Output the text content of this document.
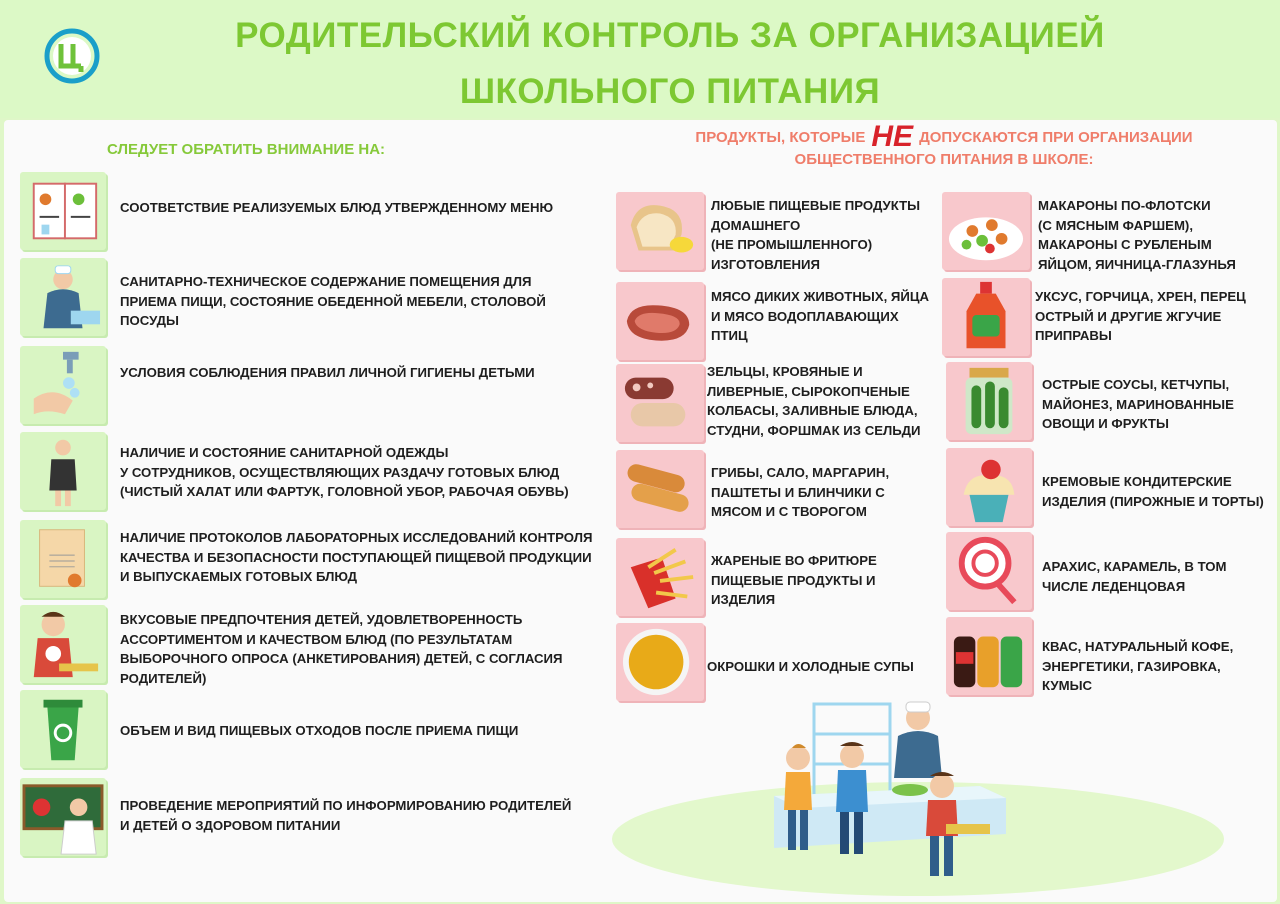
РОДИТЕЛЬСКИЙ КОНТРОЛЬ ЗА ОРГАНИЗАЦИЕЙ
ШКОЛЬНОГО ПИТАНИЯ
СЛЕДУЕТ ОБРАТИТЬ ВНИМАНИЕ НА:
ПРОДУКТЫ, КОТОРЫЕ НЕ ДОПУСКАЮТСЯ ПРИ ОРГАНИЗАЦИИ
ОБЩЕСТВЕННОГО ПИТАНИЯ В ШКОЛЕ:
СООТВЕТСТВИЕ РЕАЛИЗУЕМЫХ БЛЮД УТВЕРЖДЕННОМУ МЕНЮ
САНИТАРНО-ТЕХНИЧЕСКОЕ СОДЕРЖАНИЕ ПОМЕЩЕНИЯ ДЛЯ
ПРИЕМА ПИЩИ, СОСТОЯНИЕ ОБЕДЕННОЙ МЕБЕЛИ, СТОЛОВОЙ
ПОСУДЫ
УСЛОВИЯ СОБЛЮДЕНИЯ ПРАВИЛ ЛИЧНОЙ ГИГИЕНЫ ДЕТЬМИ
НАЛИЧИЕ И СОСТОЯНИЕ САНИТАРНОЙ ОДЕЖДЫ
У СОТРУДНИКОВ, ОСУЩЕСТВЛЯЮЩИХ РАЗДАЧУ ГОТОВЫХ БЛЮД
(ЧИСТЫЙ ХАЛАТ ИЛИ ФАРТУК, ГОЛОВНОЙ УБОР, РАБОЧАЯ ОБУВЬ)
НАЛИЧИЕ ПРОТОКОЛОВ ЛАБОРАТОРНЫХ ИССЛЕДОВАНИЙ КОНТРОЛЯ
КАЧЕСТВА И БЕЗОПАСНОСТИ ПОСТУПАЮЩЕЙ ПИЩЕВОЙ ПРОДУКЦИИ
И ВЫПУСКАЕМЫХ ГОТОВЫХ БЛЮД
ВКУСОВЫЕ ПРЕДПОЧТЕНИЯ ДЕТЕЙ, УДОВЛЕТВОРЕННОСТЬ
АССОРТИМЕНТОМ И КАЧЕСТВОМ БЛЮД (ПО РЕЗУЛЬТАТАМ
ВЫБОРОЧНОГО ОПРОСА (АНКЕТИРОВАНИЯ) ДЕТЕЙ, С СОГЛАСИЯ
РОДИТЕЛЕЙ)
ОБЪЕМ И ВИД ПИЩЕВЫХ ОТХОДОВ ПОСЛЕ ПРИЕМА ПИЩИ
ПРОВЕДЕНИЕ МЕРОПРИЯТИЙ ПО ИНФОРМИРОВАНИЮ РОДИТЕЛЕЙ
И ДЕТЕЙ О ЗДОРОВОМ ПИТАНИИ
ЛЮБЫЕ ПИЩЕВЫЕ ПРОДУКТЫ
ДОМАШНЕГО
(НЕ ПРОМЫШЛЕННОГО)
ИЗГОТОВЛЕНИЯ
МЯСО ДИКИХ ЖИВОТНЫХ, ЯЙЦА
И МЯСО ВОДОПЛАВАЮЩИХ
ПТИЦ
ЗЕЛЬЦЫ, КРОВЯНЫЕ И
ЛИВЕРНЫЕ, СЫРОКОПЧЕНЫЕ
КОЛБАСЫ, ЗАЛИВНЫЕ БЛЮДА,
СТУДНИ, ФОРШМАК ИЗ СЕЛЬДИ
ГРИБЫ, САЛО, МАРГАРИН,
ПАШТЕТЫ И БЛИНЧИКИ С
МЯСОМ И С ТВОРОГОМ
ЖАРЕНЫЕ ВО ФРИТЮРЕ
ПИЩЕВЫЕ ПРОДУКТЫ И
ИЗДЕЛИЯ
ОКРОШКИ И ХОЛОДНЫЕ СУПЫ
МАКАРОНЫ ПО-ФЛОТСКИ
(С МЯСНЫМ ФАРШЕМ),
МАКАРОНЫ С РУБЛЕНЫМ
ЯЙЦОМ, ЯИЧНИЦА-ГЛАЗУНЬЯ
УКСУС, ГОРЧИЦА, ХРЕН, ПЕРЕЦ
ОСТРЫЙ И ДРУГИЕ ЖГУЧИЕ
ПРИПРАВЫ
ОСТРЫЕ СОУСЫ, КЕТЧУПЫ,
МАЙОНЕЗ, МАРИНОВАННЫЕ
ОВОЩИ И ФРУКТЫ
КРЕМОВЫЕ КОНДИТЕРСКИЕ
ИЗДЕЛИЯ (ПИРОЖНЫЕ И ТОРТЫ)
АРАХИС, КАРАМЕЛЬ, В ТОМ
ЧИСЛЕ ЛЕДЕНЦОВАЯ
КВАС, НАТУРАЛЬНЫЙ КОФЕ,
ЭНЕРГЕТИКИ, ГАЗИРОВКА,
КУМЫС
